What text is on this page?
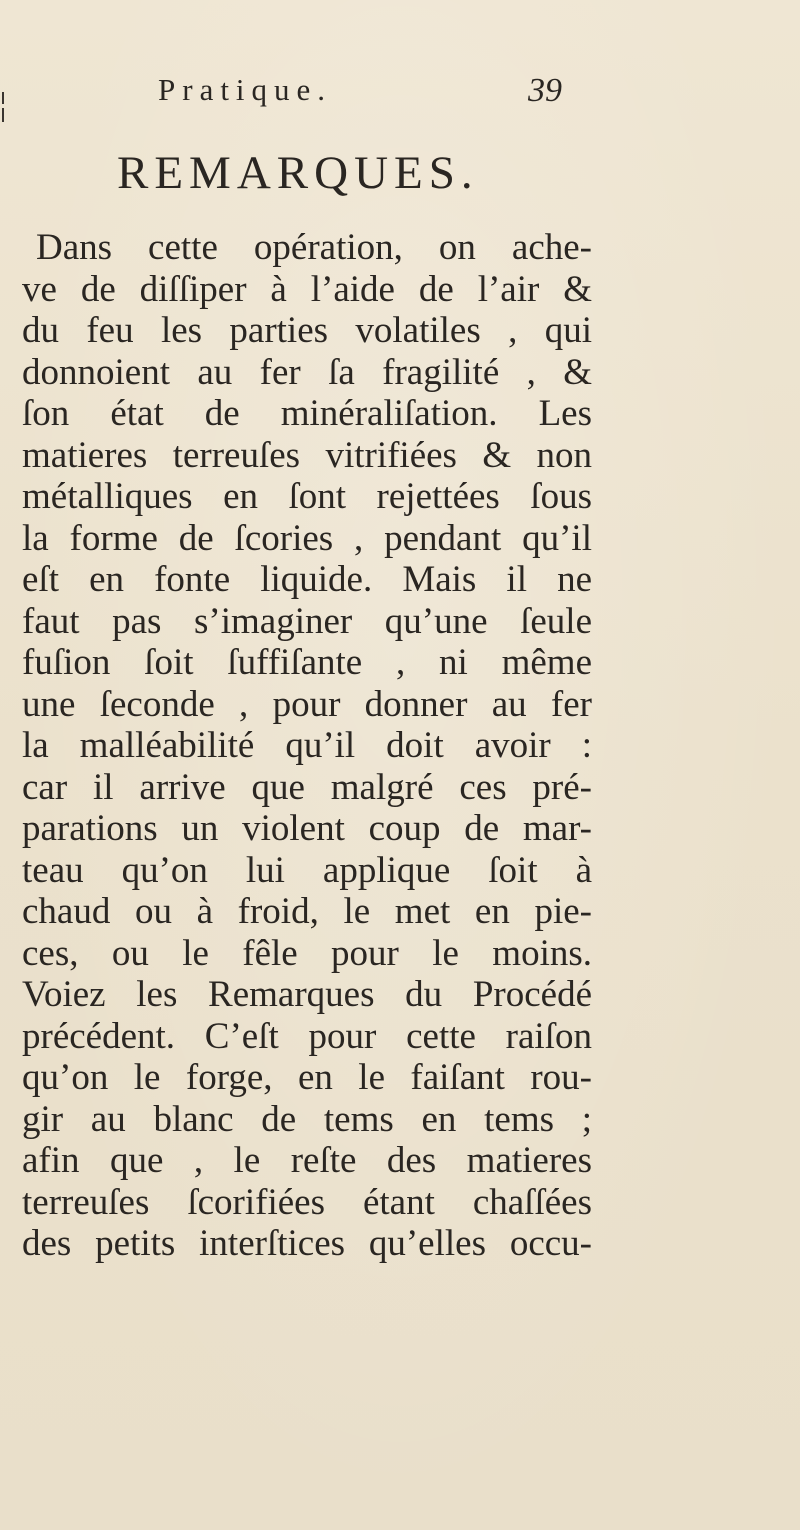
Pratique.	39
REMARQUES.
Dans cette opération, on ache-
ve de diſſiper à l’aide de l’air &
du feu les parties volatiles , qui
donnoient au fer ſa fragilité , &
ſon état de minéraliſation. Les
matieres terreuſes vitrifiées & non
métalliques en ſont rejettées ſous
la forme de ſcories , pendant qu’il
eſt en fonte liquide. Mais il ne
faut pas s’imaginer qu’une ſeule
fuſion ſoit ſuffiſante , ni même
une ſeconde , pour donner au fer
la malléabilité qu’il doit avoir :
car il arrive que malgré ces pré-
parations un violent coup de mar-
teau qu’on lui applique ſoit à
chaud ou à froid, le met en pie-
ces, ou le fêle pour le moins.
Voiez les Remarques du Procédé
précédent. C’eſt pour cette raiſon
qu’on le forge, en le faiſant rou-
gir au blanc de tems en tems ;
afin que , le reſte des matieres
terreuſes ſcorifiées étant chaſſées
des petits interſtices qu’elles occu-
